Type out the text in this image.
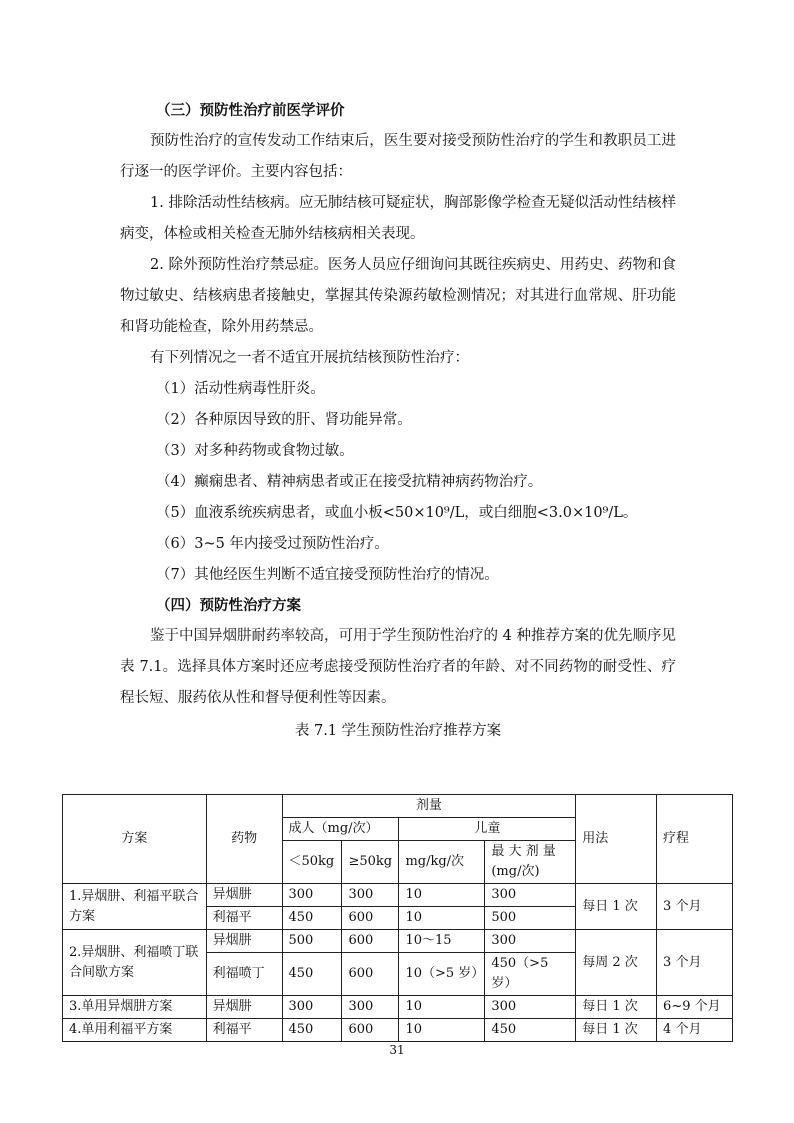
（三）预防性治疗前医学评价

预防性治疗的宣传发动工作结束后，医生要对接受预防性治疗的学生和教职员工进行逐一的医学评价。主要内容包括：

1. 排除活动性结核病。应无肺结核可疑症状，胸部影像学检查无疑似活动性结核样病变，体检或相关检查无肺外结核病相关表现。

2. 除外预防性治疗禁忌症。医务人员应仔细询问其既往疾病史、用药史、药物和食物过敏史、结核病患者接触史，掌握其传染源药敏检测情况；对其进行血常规、肝功能和肾功能检查，除外用药禁忌。

有下列情况之一者不适宜开展抗结核预防性治疗：

（1）活动性病毒性肝炎。

（2）各种原因导致的肝、肾功能异常。

（3）对多种药物或食物过敏。

（4）癫痫患者、精神病患者或正在接受抗精神病药物治疗。

（5）血液系统疾病患者，或血小板<50×10⁹/L，或白细胞<3.0×10⁹/L。

（6）3~5 年内接受过预防性治疗。

（7）其他经医生判断不适宜接受预防性治疗的情况。

（四）预防性治疗方案

鉴于中国异烟肼耐药率较高，可用于学生预防性治疗的 4 种推荐方案的优先顺序见表 7.1。选择具体方案时还应考虑接受预防性治疗者的年龄、对不同药物的耐受性、疗程长短、服药依从性和督导便利性等因素。

表 7.1 学生预防性治疗推荐方案
方案	药物	剂量				用法	疗程
		成人（mg/次）		儿童			
		＜50kg	≥50kg	mg/kg/次	最 大 剂 量 (mg/次)		
1.异烟肼、利福平联合方案	异烟肼	300	300	10	300	每日 1 次	3 个月
	利福平	450	600	10	500		
2.异烟肼、利福喷丁联合间歇方案	异烟肼	500	600	10～15	300	每周 2 次	3 个月
	利福喷丁	450	600	10（>5 岁）	450（>5 岁）		
3.单用异烟肼方案	异烟肼	300	300	10	300	每日 1 次	6~9 个月
4.单用利福平方案	利福平	450	600	10	450	每日 1 次	4 个月
31
